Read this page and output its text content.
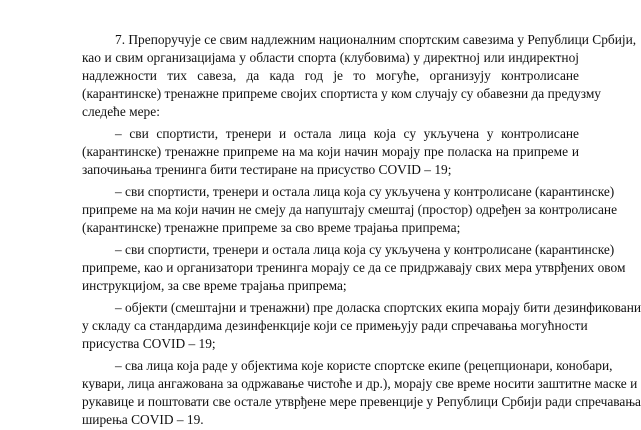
7. Препоручује се свим надлежним националним спортским савезима у Републици Србији,
као и свим организацијама у области спорта (клубовима) у директној или индиректној
надлежности тих савеза, да када год је то могуће, организују контролисане
(карантинске) тренажне припреме својих спортиста у ком случају су обавезни да предузму
следеће мере:
– сви спортисти, тренери и остала лица која су укључена у контролисане
(карантинске) тренажне припреме на ма који начин морају пре поласка на припреме и
започињања тренинга бити тестиране на присуство COVID – 19;
– сви спортисти, тренери и остала лица која су укључена у контролисане (карантинске)
припреме на ма који начин не смеју да напуштају смештај (простор) одређен за контролисане
(карантинске) тренажне припреме за сво време трајања припрема;
– сви спортисти, тренери и остала лица која су укључена у контролисане (карантинске)
припреме, као и организатори тренинга морају се да се придржавају свих мера утврђених овом
инструкцијом, за све време трајања припрема;
– објекти (смештајни и тренажни) пре доласка спортских екипа морају бити дезинфиковани
у складу са стандардима дезинфенкције који се примењују ради спречавања могућности
присуства COVID – 19;
– сва лица која раде у објектима које користе спортске екипе (рецепционари, конобари,
кувари, лица ангажована за одржавање чистоће и др.), морају све време носити заштитне маске и
рукавице и поштовати све остале утврђене мере превенције у Републици Србији ради спречавања
ширења COVID – 19.
